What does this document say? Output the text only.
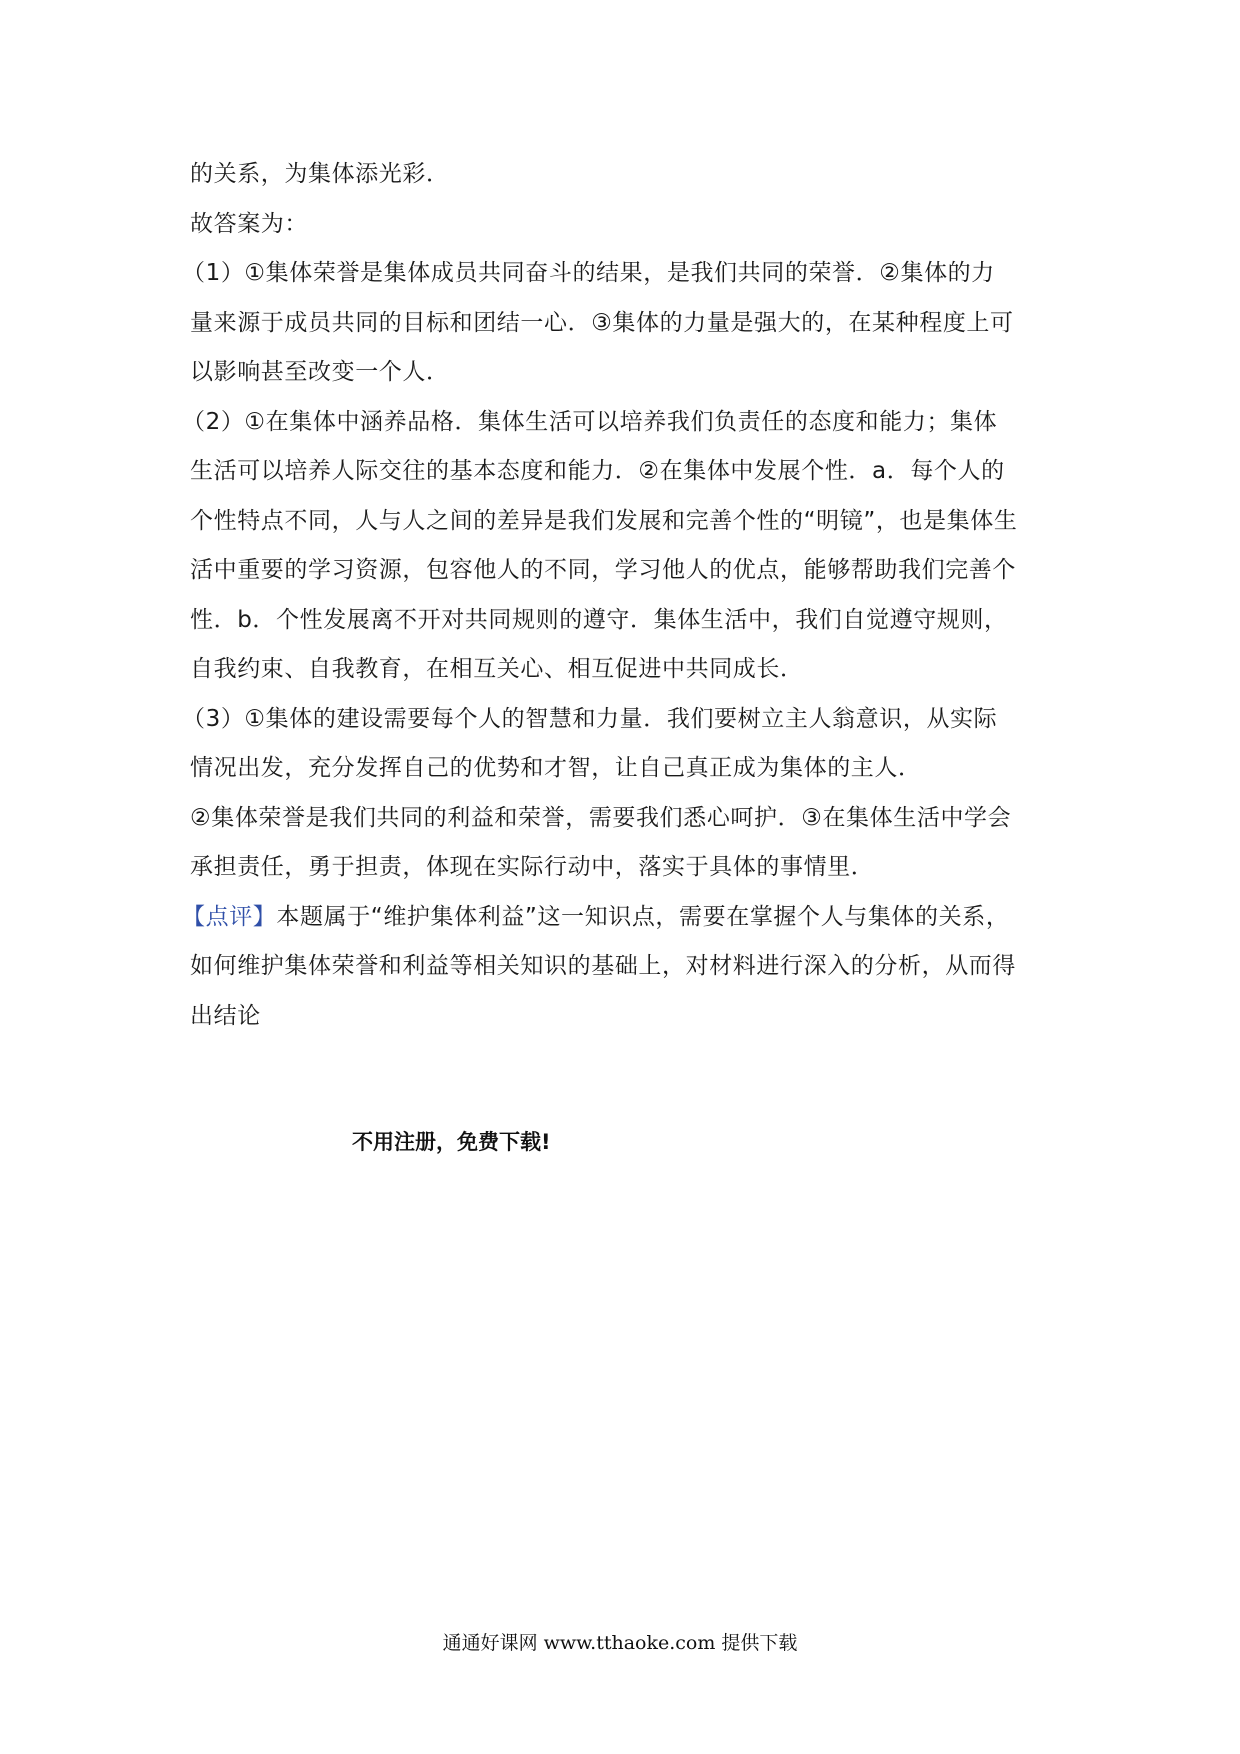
的关系，为集体添光彩．
故答案为：
（1）①集体荣誉是集体成员共同奋斗的结果，是我们共同的荣誉．②集体的力
量来源于成员共同的目标和团结一心．③集体的力量是强大的，在某种程度上可
以影响甚至改变一个人．
（2）①在集体中涵养品格．集体生活可以培养我们负责任的态度和能力；集体
生活可以培养人际交往的基本态度和能力．②在集体中发展个性．a．每个人的
个性特点不同，人与人之间的差异是我们发展和完善个性的“明镜”，也是集体生
活中重要的学习资源，包容他人的不同，学习他人的优点，能够帮助我们完善个
性．b．个性发展离不开对共同规则的遵守．集体生活中，我们自觉遵守规则，
自我约束、自我教育，在相互关心、相互促进中共同成长．
（3）①集体的建设需要每个人的智慧和力量．我们要树立主人翁意识，从实际
情况出发，充分发挥自己的优势和才智，让自己真正成为集体的主人．
②集体荣誉是我们共同的利益和荣誉，需要我们悉心呵护．③在集体生活中学会
承担责任，勇于担责，体现在实际行动中，落实于具体的事情里．
【点评】本题属于“维护集体利益”这一知识点，需要在掌握个人与集体的关系，
如何维护集体荣誉和利益等相关知识的基础上，对材料进行深入的分析，从而得
出结论
不用注册，免费下载!
通通好课网 www.tthaoke.com 提供下载
